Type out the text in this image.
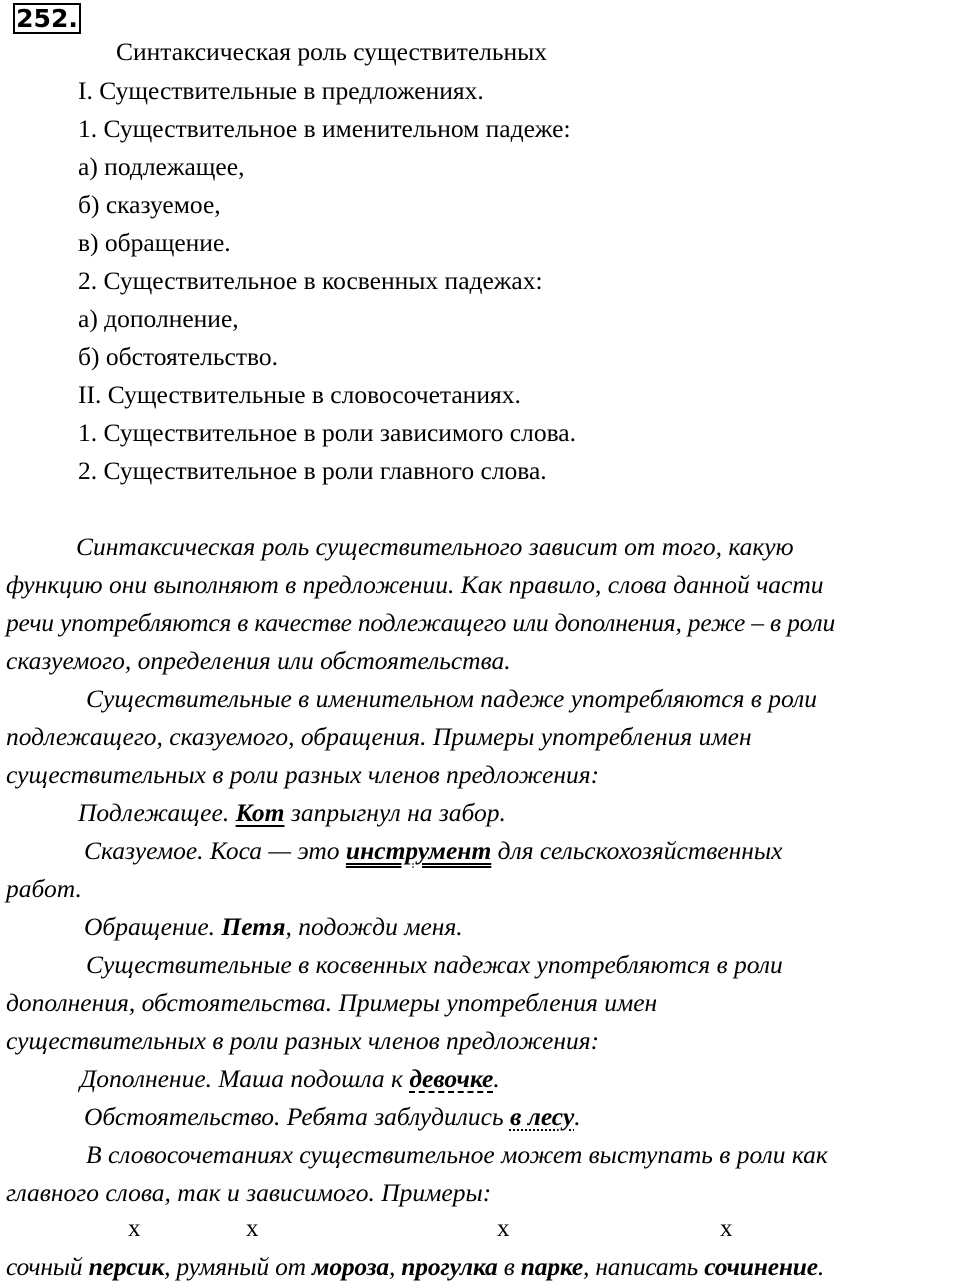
252.
Синтаксическая роль существительных
I. Существительные в предложениях.
1. Существительное в именительном падеже:
а) подлежащее,
б) сказуемое,
в) обращение.
2. Существительное в косвенных падежах:
а) дополнение,
б) обстоятельство.
II. Существительные в словосочетаниях.
1. Существительное в роли зависимого слова.
2. Существительное в роли главного слова.
Синтаксическая роль существительного зависит от того, какую
функцию они выполняют в предложении. Как правило, слова данной части
речи употребляются в качестве подлежащего или дополнения, реже – в роли
сказуемого, определения или обстоятельства.
Существительные в именительном падеже употребляются в роли
подлежащего, сказуемого, обращения. Примеры употребления имен
существительных в роли разных членов предложения:
Подлежащее. Кот запрыгнул на забор.
Сказуемое. Коса — это инструмент для сельскохозяйственных
работ.
Обращение. Петя, подожди меня.
Существительные в косвенных падежах употребляются в роли
дополнения, обстоятельства. Примеры употребления имен
существительных в роли разных членов предложения:
Дополнение. Маша подошла к девочке.
Обстоятельство. Ребята заблудились в лесу.
В словосочетаниях существительное может выступать в роли как
главного слова, так и зависимого. Примеры:
x	x	x	x
сочный персик, румяный от мороза, прогулка в парке, написать сочинение.
